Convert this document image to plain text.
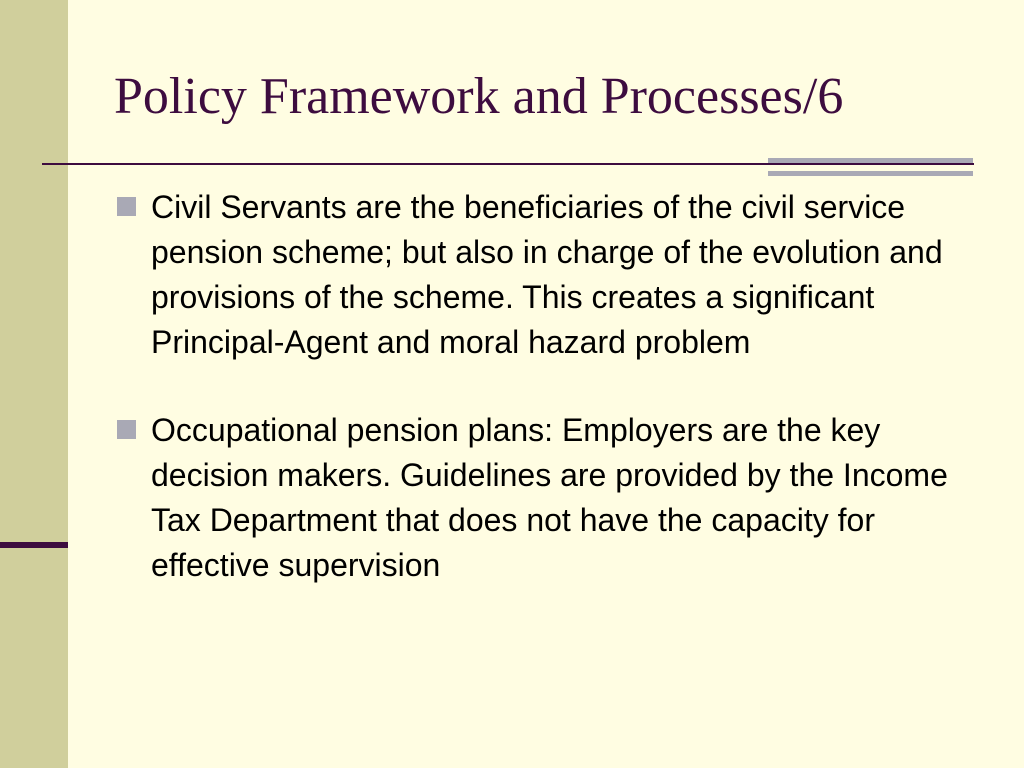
Policy Framework and Processes/6
Civil Servants are the beneficiaries of the civil service pension scheme; but also in charge of the evolution and provisions of the scheme. This creates a significant Principal-Agent and moral hazard problem
Occupational pension plans: Employers are the key decision makers. Guidelines are provided by the Income Tax Department that does not have the capacity for effective supervision
